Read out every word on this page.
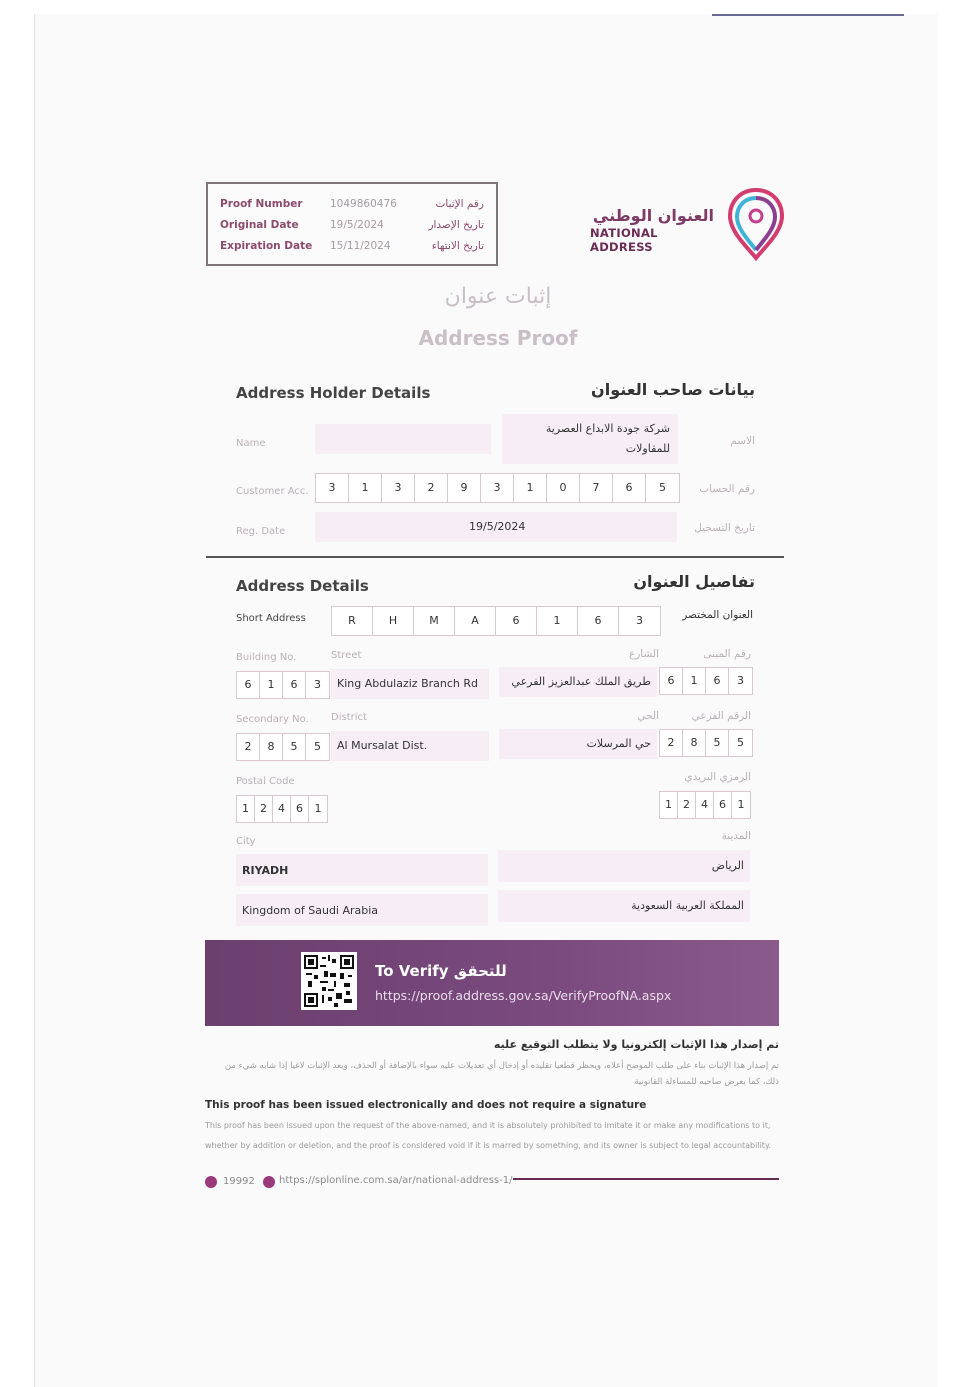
Proof Number	1049860476	رقم الإثبات
Original Date	19/5/2024	تاريخ الإصدار
Expiration Date 15/11/2024	تاريخ الانتهاء
العنوان الوطني
NATIONAL ADDRESS
إثبات عنوان
Address Proof
Address Holder Details	بيانات صاحب العنوان
Name
شركة جودة الابداع العصرية
للمقاولات
الاسم
Customer Acc.	3	1	3	2	9	3	1	0	7	6	5	رقم الحساب
Reg. Date	19/5/2024	تاريخ التسجيل
Address Details	تفاصيل العنوان
Short Address	R	H	M	A	6	1	6	3	العنوان المختصر
Building No.	Street	الشارع	رقم المبنى
6	1	6	3	King Abdulaziz Branch Rd	طريق الملك عبدالعزيز الفرعي	6	1	6	3
Secondary No. District	الحي	الرقم الفرعي
2	8	5	5	Al Mursalat Dist.	حي المرسلات	2	8	5	5
Postal Code	الرمزي البريدي
1	2	4	6	1	1	2	4	6	1
City	المدينة
RIYADH	الرياض
Kingdom of Saudi Arabia	المملكة العربية السعودية
To Verify للتحقق
https://proof.address.gov.sa/VerifyProofNA.aspx
تم إصدار هذا الإثبات إلكترونيا ولا يتطلب التوقيع عليه
تم إصدار هذا الإثبات بناء على طلب الموضح أعلاه، ويحظر قطعيا تقليده أو إدخال أي تعديلات عليه سواء بالإضافة أو الحذف، ويعد الإثبات لاغيا إذا شابه شيء من ذلك، كما يعرض صاحبه للمساءلة القانونية
This proof has been issued electronically and does not require a signature
This proof has been issued upon the request of the above-named, and it is absolutely prohibited to imitate it or make any modifications to it, whether by addition or deletion, and the proof is considered void if it is marred by something, and its owner is subject to legal accountability.
19992 https://splonline.com.sa/ar/national-address-1/
